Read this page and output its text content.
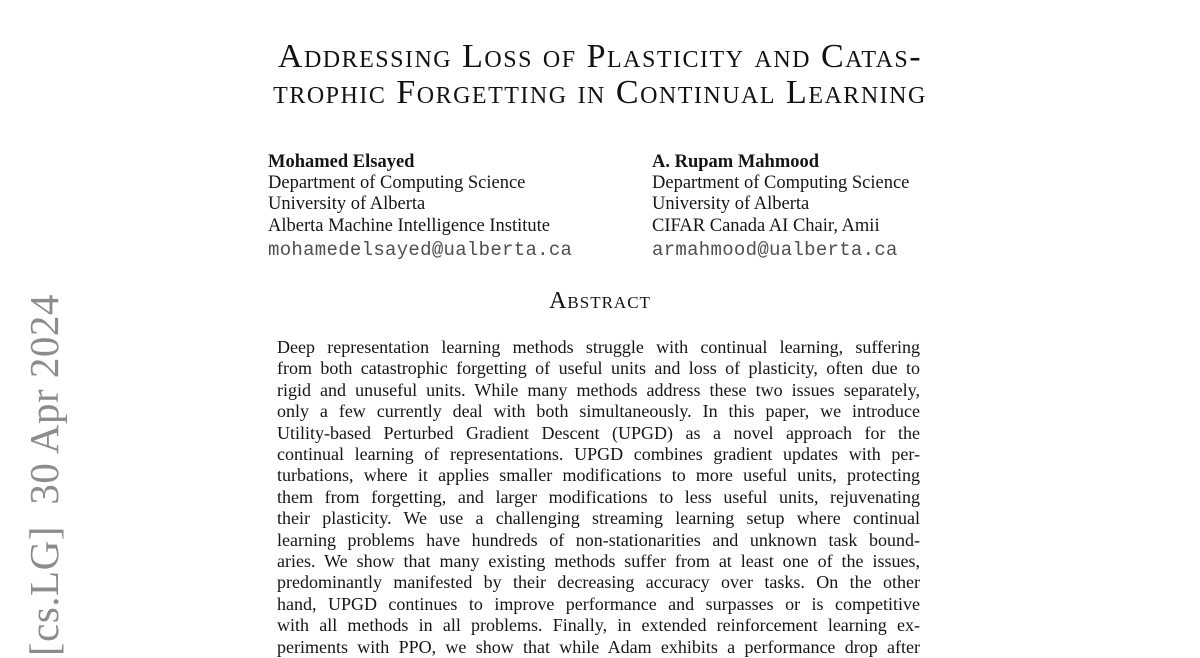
[cs.LG]  30 Apr 2024
Addressing Loss of Plasticity and Catas-
trophic Forgetting in Continual Learning
Mohamed Elsayed
Department of Computing Science
University of Alberta
Alberta Machine Intelligence Institute
mohamedelsayed@ualberta.ca
A. Rupam Mahmood
Department of Computing Science
University of Alberta
CIFAR Canada AI Chair, Amii
armahmood@ualberta.ca
Abstract
Deep representation learning methods struggle with continual learning, suffering
from both catastrophic forgetting of useful units and loss of plasticity, often due to
rigid and unuseful units. While many methods address these two issues separately,
only a few currently deal with both simultaneously. In this paper, we introduce
Utility-based Perturbed Gradient Descent (UPGD) as a novel approach for the
continual learning of representations. UPGD combines gradient updates with per-
turbations, where it applies smaller modifications to more useful units, protecting
them from forgetting, and larger modifications to less useful units, rejuvenating
their plasticity. We use a challenging streaming learning setup where continual
learning problems have hundreds of non-stationarities and unknown task bound-
aries. We show that many existing methods suffer from at least one of the issues,
predominantly manifested by their decreasing accuracy over tasks. On the other
hand, UPGD continues to improve performance and surpasses or is competitive
with all methods in all problems. Finally, in extended reinforcement learning ex-
periments with PPO, we show that while Adam exhibits a performance drop after
